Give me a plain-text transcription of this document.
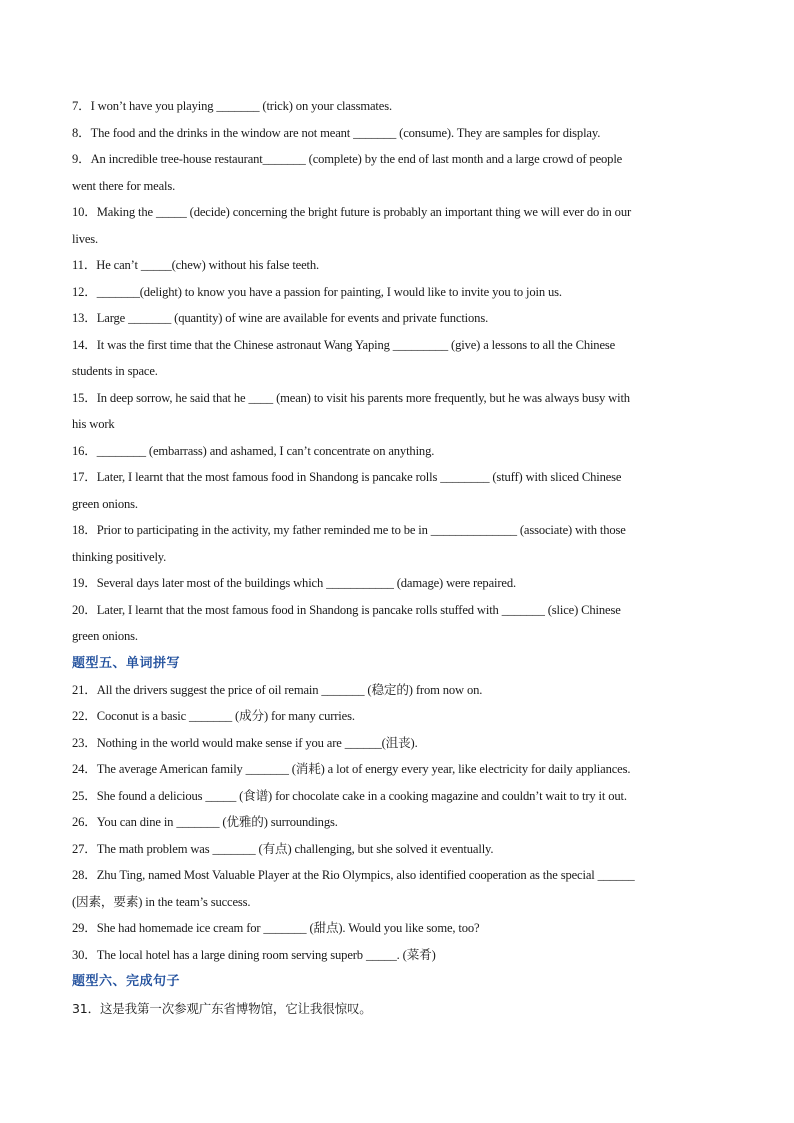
7．I won’t have you playing _______ (trick) on your classmates.
8．The food and the drinks in the window are not meant _______ (consume). They are samples for display.
9．An incredible tree-house restaurant_______ (complete) by the end of last month and a large crowd of people
went there for meals.
10．Making the _____ (decide) concerning the bright future is probably an important thing we will ever do in our
lives.
11．He can’t _____(chew) without his false teeth.
12．_______(delight) to know you have a passion for painting, I would like to invite you to join us.
13．Large _______ (quantity) of wine are available for events and private functions.
14．It was the first time that the Chinese astronaut Wang Yaping _________ (give) a lessons to all the Chinese
students in space.
15．In deep sorrow, he said that he ____ (mean) to visit his parents more frequently, but he was always busy with
his work
16．________ (embarrass) and ashamed, I can’t concentrate on anything.
17．Later, I learnt that the most famous food in Shandong is pancake rolls ________ (stuff) with sliced Chinese
green onions.
18．Prior to participating in the activity, my father reminded me to be in ______________ (associate) with those
thinking positively.
19．Several days later most of the buildings which ___________ (damage) were repaired.
20．Later, I learnt that the most famous food in Shandong is pancake rolls stuffed with _______ (slice) Chinese
green onions.
题型五、单词拼写
21．All the drivers suggest the price of oil remain _______ (稳定的) from now on.
22．Coconut is a basic _______ (成分) for many curries.
23．Nothing in the world would make sense if you are ______(沮丧).
24．The average American family _______ (消耗) a lot of energy every year, like electricity for daily appliances.
25．She found a delicious _____ (食谱) for chocolate cake in a cooking magazine and couldn’t wait to try it out.
26．You can dine in _______ (优雅的) surroundings.
27．The math problem was _______ (有点) challenging, but she solved it eventually.
28．Zhu Ting, named Most Valuable Player at the Rio Olympics, also identified cooperation as the special ______
(因素，要素) in the team’s success.
29．She had homemade ice cream for _______ (甜点). Would you like some, too?
30．The local hotel has a large dining room serving superb _____. (菜肴)
题型六、完成句子
31．这是我第一次参观广东省博物馆，它让我很惊叹。
